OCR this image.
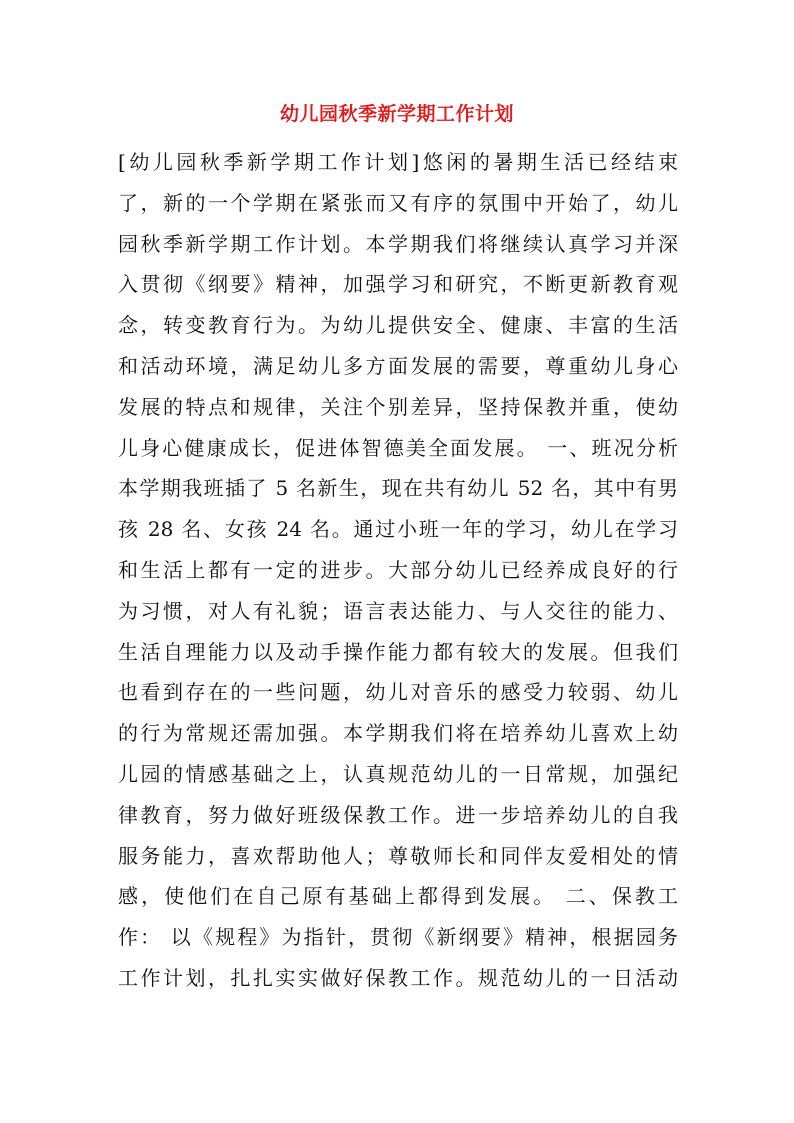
幼儿园秋季新学期工作计划
[幼儿园秋季新学期工作计划]悠闲的暑期生活已经结束
了，新的一个学期在紧张而又有序的氛围中开始了，幼儿
园秋季新学期工作计划。本学期我们将继续认真学习并深
入贯彻《纲要》精神，加强学习和研究，不断更新教育观
念，转变教育行为。为幼儿提供安全、健康、丰富的生活
和活动环境，满足幼儿多方面发展的需要，尊重幼儿身心
发展的特点和规律，关注个别差异，坚持保教并重，使幼
儿身心健康成长，促进体智德美全面发展。 一、班况分析
本学期我班插了 5 名新生，现在共有幼儿 52 名，其中有男
孩 28 名、女孩 24 名。通过小班一年的学习，幼儿在学习
和生活上都有一定的进步。大部分幼儿已经养成良好的行
为习惯，对人有礼貌；语言表达能力、与人交往的能力、
生活自理能力以及动手操作能力都有较大的发展。但我们
也看到存在的一些问题，幼儿对音乐的感受力较弱、幼儿
的行为常规还需加强。本学期我们将在培养幼儿喜欢上幼
儿园的情感基础之上，认真规范幼儿的一日常规，加强纪
律教育，努力做好班级保教工作。进一步培养幼儿的自我
服务能力，喜欢帮助他人；尊敬师长和同伴友爱相处的情
感，使他们在自己原有基础上都得到发展。 二、保教工
作： 以《规程》为指针，贯彻《新纲要》精神，根据园务
工作计划，扎扎实实做好保教工作。规范幼儿的一日活动
